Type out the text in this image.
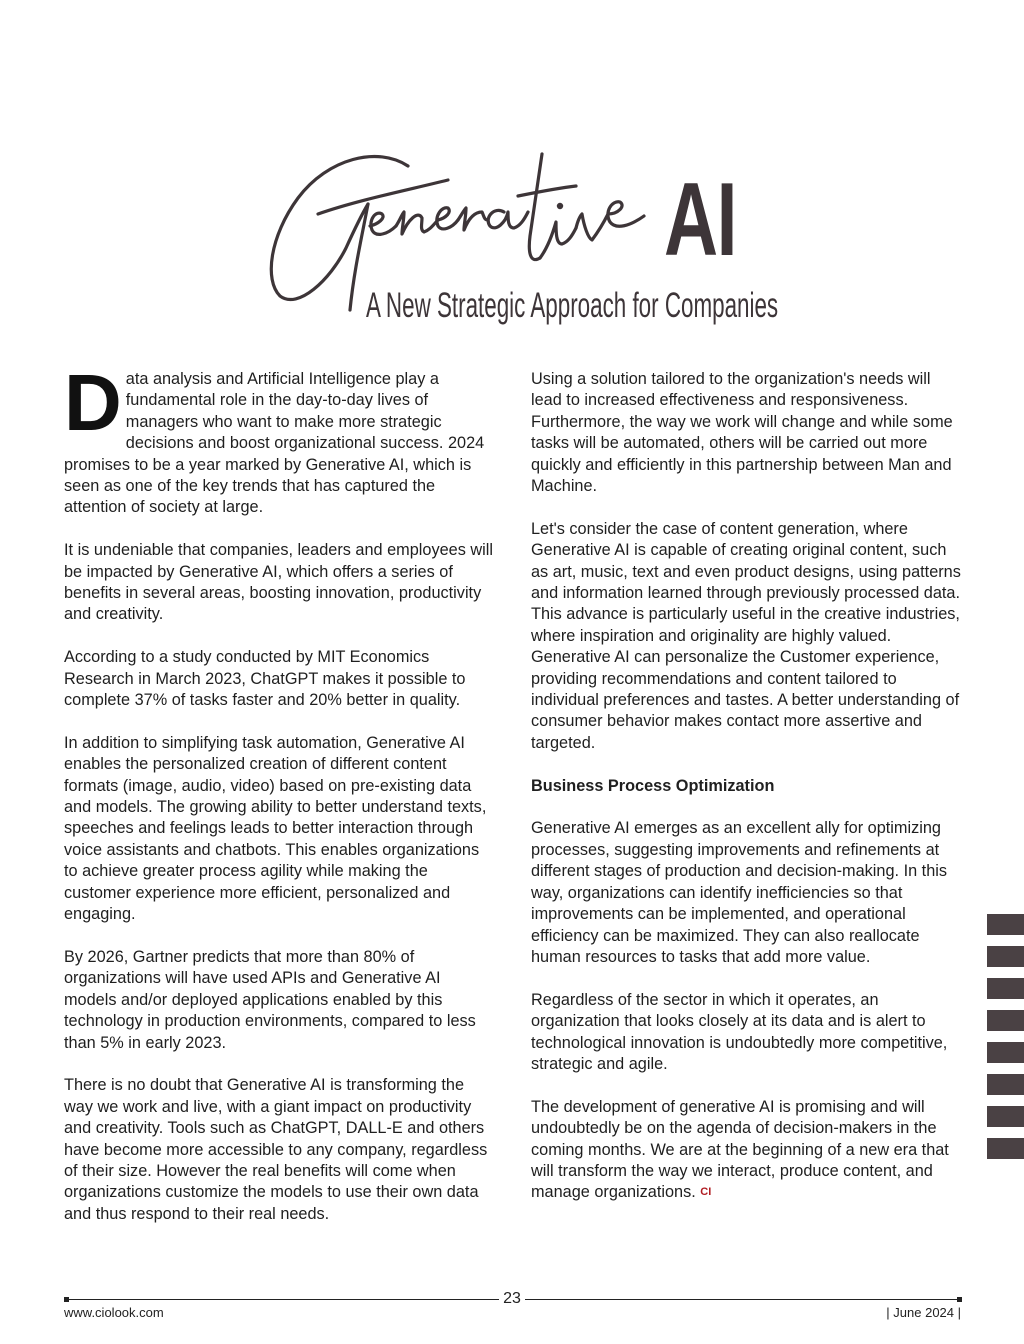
AI
A New Strategic Approach for Companies

Data analysis and Artificial Intelligence play a fundamental role in the day-to-day lives of managers who want to make more strategic decisions and boost organizational success. 2024 promises to be a year marked by Generative AI, which is seen as one of the key trends that has captured the attention of society at large.

It is undeniable that companies, leaders and employees will be impacted by Generative AI, which offers a series of benefits in several areas, boosting innovation, productivity and creativity.

According to a study conducted by MIT Economics Research in March 2023, ChatGPT makes it possible to complete 37% of tasks faster and 20% better in quality.

In addition to simplifying task automation, Generative AI enables the personalized creation of different content formats (image, audio, video) based on pre-existing data and models. The growing ability to better understand texts, speeches and feelings leads to better interaction through voice assistants and chatbots. This enables organizations to achieve greater process agility while making the customer experience more efficient, personalized and engaging.

By 2026, Gartner predicts that more than 80% of organizations will have used APIs and Generative AI models and/or deployed applications enabled by this technology in production environments, compared to less than 5% in early 2023.

There is no doubt that Generative AI is transforming the way we work and live, with a giant impact on productivity and creativity. Tools such as ChatGPT, DALL-E and others have become more accessible to any company, regardless of their size. However the real benefits will come when organizations customize the models to use their own data and thus respond to their real needs.

Using a solution tailored to the organization's needs will lead to increased effectiveness and responsiveness. Furthermore, the way we work will change and while some tasks will be automated, others will be carried out more quickly and efficiently in this partnership between Man and Machine.

Let's consider the case of content generation, where Generative AI is capable of creating original content, such as art, music, text and even product designs, using patterns and information learned through previously processed data. This advance is particularly useful in the creative industries, where inspiration and originality are highly valued.

Generative AI can personalize the Customer experience, providing recommendations and content tailored to individual preferences and tastes. A better understanding of consumer behavior makes contact more assertive and targeted.

Business Process Optimization

Generative AI emerges as an excellent ally for optimizing processes, suggesting improvements and refinements at different stages of production and decision-making. In this way, organizations can identify inefficiencies so that improvements can be implemented, and operational efficiency can be maximized. They can also reallocate human resources to tasks that add more value.

Regardless of the sector in which it operates, an organization that looks closely at its data and is alert to technological innovation is undoubtedly more competitive, strategic and agile.

The development of generative AI is promising and will undoubtedly be on the agenda of decision-makers in the coming months. We are at the beginning of a new era that will transform the way we interact, produce content, and manage organizations. CI

23
www.ciolook.com	| June 2024 |
